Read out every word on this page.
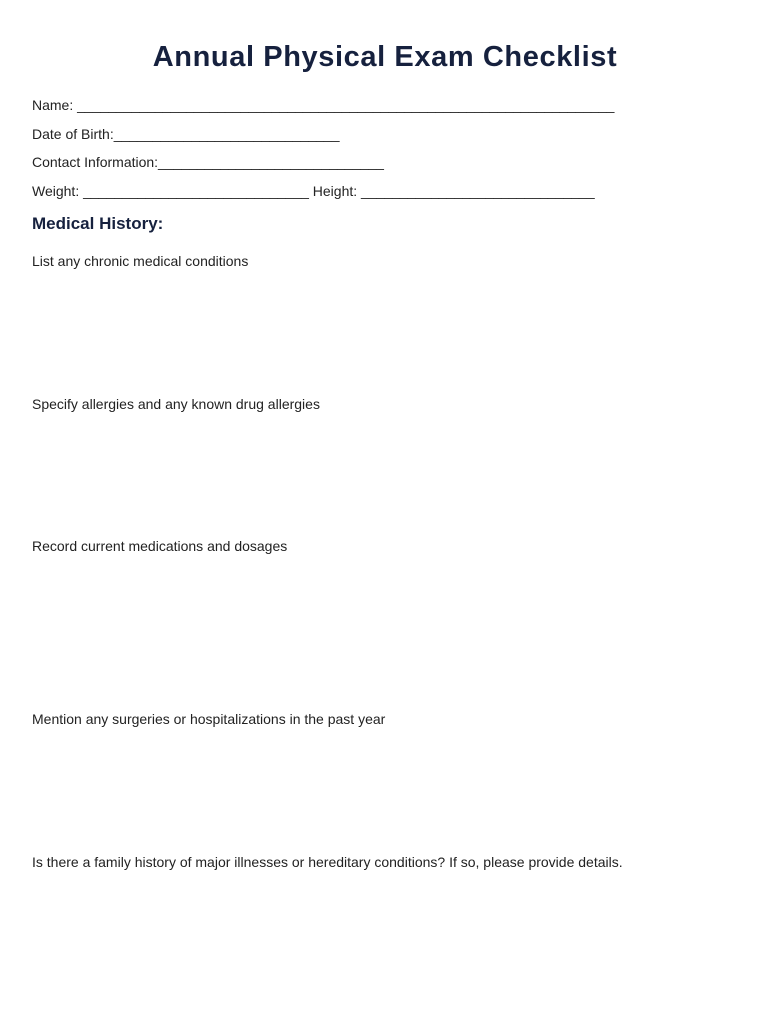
Annual Physical Exam Checklist
Name: _____________________________________________________________________
Date of Birth:_____________________________
Contact Information:_____________________________
Weight: _____________________________ Height: ______________________________
Medical History:
List any chronic medical conditions
Specify allergies and any known drug allergies
Record current medications and dosages
Mention any surgeries or hospitalizations in the past year
Is there a family history of major illnesses or hereditary conditions? If so, please provide details.
